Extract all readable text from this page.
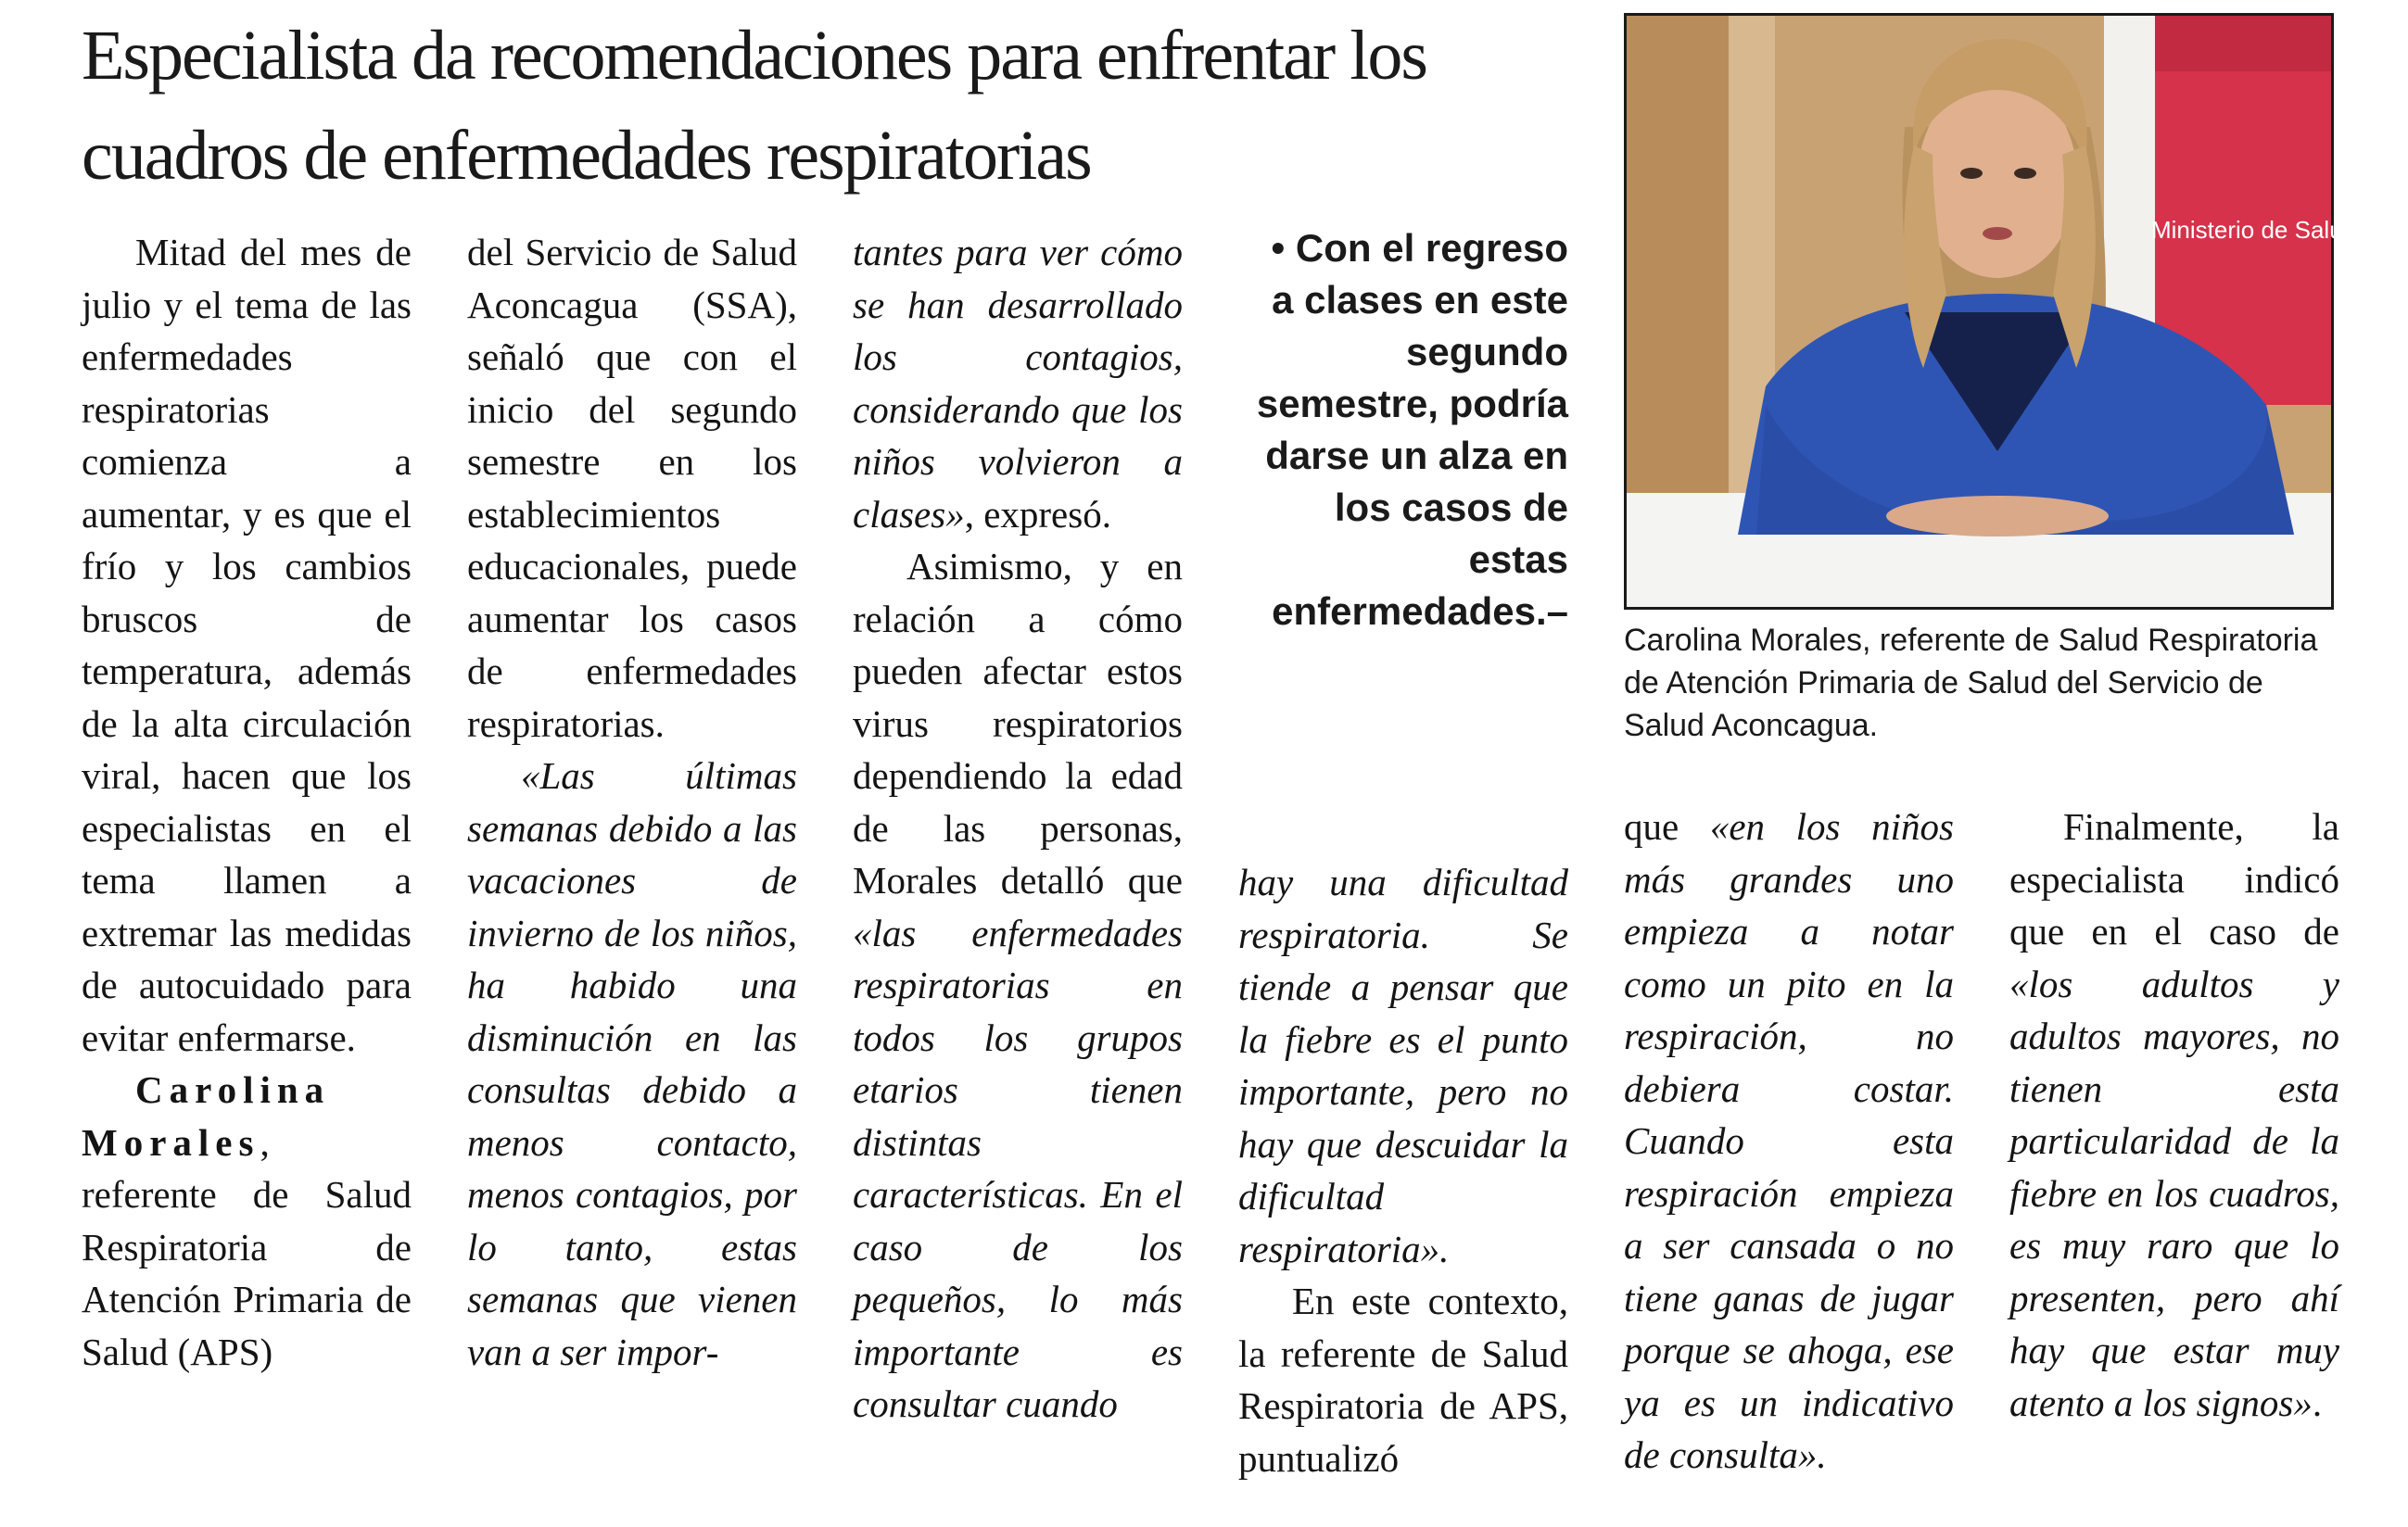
Especialista da recomendaciones para enfrentar los cuadros de enfermedades respiratorias

Mitad del mes de julio y el tema de las enfermedades respiratorias comienza a aumentar, y es que el frío y los cambios bruscos de temperatura, además de la alta circulación viral, hacen que los especialistas en el tema llamen a extremar las medidas de autocuidado para evitar enfermarse.

Carolina Morales, referente de Salud Respiratoria de Atención Primaria de Salud (APS)

del Servicio de Salud Aconcagua (SSA), señaló que con el inicio del segundo semestre en los establecimientos educacionales, puede aumentar los casos de enfermedades respiratorias.

«Las últimas semanas debido a las vacaciones de invierno de los niños, ha habido una disminución en las consultas debido a menos contacto, menos contagios, por lo tanto, estas semanas que vienen van a ser impor-

tantes para ver cómo se han desarrollado los contagios, considerando que los niños volvieron a clases», expresó.

Asimismo, y en relación a cómo pueden afectar estos virus respiratorios dependiendo la edad de las personas, Morales detalló que «las enfermedades respiratorias en todos los grupos etarios tienen distintas características. En el caso de los pequeños, lo más importante es consultar cuando

• Con el regreso a clases en este segundo semestre, podría darse un alza en los casos de estas enfermedades.–

hay una dificultad respiratoria. Se tiende a pensar que la fiebre es el punto importante, pero no hay que descuidar la dificultad respiratoria».

En este contexto, la referente de Salud Respiratoria de APS, puntualizó

Ministerio de Salud

Carolina Morales, referente de Salud Respiratoria de Atención Primaria de Salud del Servicio de Salud Aconcagua.

que «en los niños más grandes uno empieza a notar como un pito en la respiración, no debiera costar. Cuando esta respiración empieza a ser cansada o no tiene ganas de jugar porque se ahoga, ese ya es un indicativo de consulta».

Finalmente, la especialista indicó que en el caso de «los adultos y adultos mayores, no tienen esta particularidad de la fiebre en los cuadros, es muy raro que lo presenten, pero ahí hay que estar muy atento a los signos».
